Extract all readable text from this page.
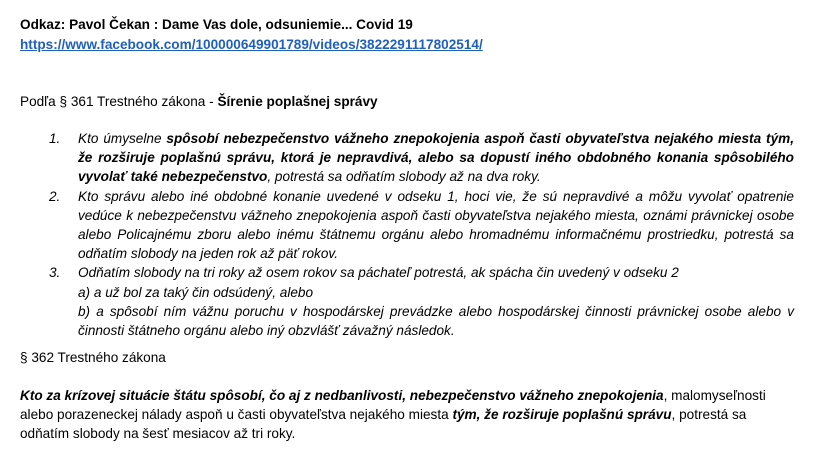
Odkaz: Pavol Čekan : Dame Vas dole, odsuniemie... Covid 19
https://www.facebook.com/100000649901789/videos/3822291117802514/
Podľa § 361 Trestného zákona - Šírenie poplašnej správy
1. Kto úmyselne spôsobí nebezpečenstvo vážneho znepokojenia aspoň časti obyvateľstva nejakého miesta tým, že rozširuje poplašnú správu, ktorá je nepravdivá, alebo sa dopustí iného obdobného konania spôsobilého vyvolať také nebezpečenstvo, potrestá sa odňatím slobody až na dva roky.
2. Kto správu alebo iné obdobné konanie uvedené v odseku 1, hoci vie, že sú nepravdivé a môžu vyvolať opatrenie vedúce k nebezpečenstvu vážneho znepokojenia aspoň časti obyvateľstva nejakého miesta, oznámi právnickej osobe alebo Policajnému zboru alebo inému štátnemu orgánu alebo hromadnému informačnému prostriedku, potrestá sa odňatím slobody na jeden rok až päť rokov.
3. Odňatím slobody na tri roky až osem rokov sa páchateľ potrestá, ak spácha čin uvedený v odseku 2
a) a už bol za taký čin odsúdený, alebo
b) a spôsobí ním vážnu poruchu v hospodárskej prevádzke alebo hospodárskej činnosti právnickej osobe alebo v činnosti štátneho orgánu alebo iný obzvlášť závažný následok.
§ 362 Trestného zákona
Kto za krízovej situácie štátu spôsobí, čo aj z nedbanlivosti, nebezpečenstvo vážneho znepokojenia, malomyseľnosti alebo porazeneckej nálady aspoň u časti obyvateľstva nejakého miesta tým, že rozširuje poplašnú správu, potrestá sa odňatím slobody na šesť mesiacov až tri roky.
